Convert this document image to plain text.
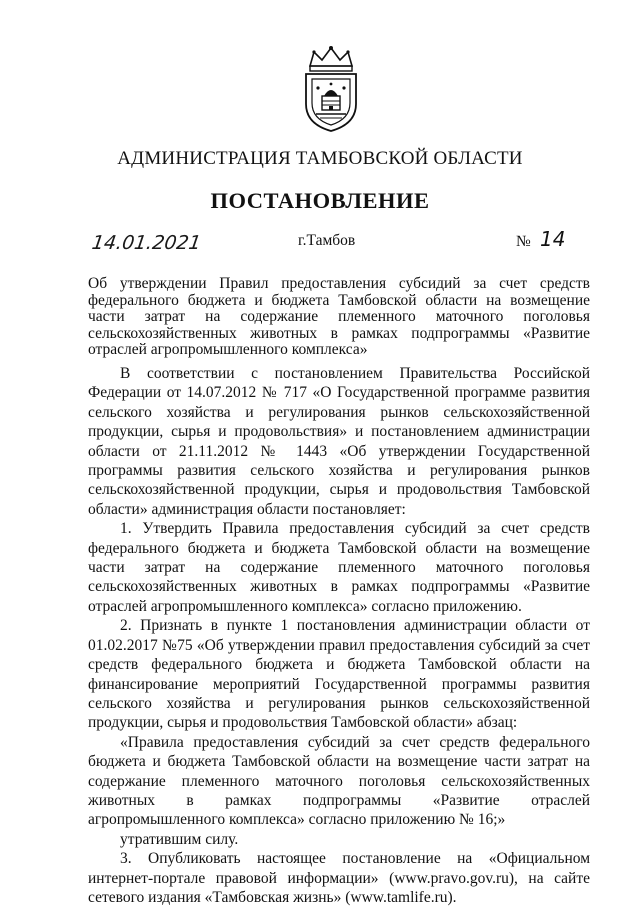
АДМИНИСТРАЦИЯ ТАМБОВСКОЙ ОБЛАСТИ
ПОСТАНОВЛЕНИЕ
14.01.2021	г.Тамбов	№ 14
Об утверждении Правил предоставления субсидий за счет средств федерального бюджета и бюджета Тамбовской области на возмещение части затрат на содержание племенного маточного поголовья сельскохозяйственных животных в рамках подпрограммы «Развитие отраслей агропромышленного комплекса»

В соответствии с постановлением Правительства Российской Федерации от 14.07.2012 № 717 «О Государственной программе развития сельского хозяйства и регулирования рынков сельскохозяйственной продукции, сырья и продовольствия» и постановлением администрации области от 21.11.2012 № 1443 «Об утверждении Государственной программы развития сельского хозяйства и регулирования рынков сельскохозяйственной продукции, сырья и продовольствия Тамбовской области» администрация области постановляет:

1. Утвердить Правила предоставления субсидий за счет средств федерального бюджета и бюджета Тамбовской области на возмещение части затрат на содержание племенного маточного поголовья сельскохозяйственных животных в рамках подпрограммы «Развитие отраслей агропромышленного комплекса» согласно приложению.

2. Признать в пункте 1 постановления администрации области от 01.02.2017 №75 «Об утверждении правил предоставления субсидий за счет средств федерального бюджета и бюджета Тамбовской области на финансирование мероприятий Государственной программы развития сельского хозяйства и регулирования рынков сельскохозяйственной продукции, сырья и продовольствия Тамбовской области» абзац:

«Правила предоставления субсидий за счет средств федерального бюджета и бюджета Тамбовской области на возмещение части затрат на содержание племенного маточного поголовья сельскохозяйственных животных в рамках подпрограммы «Развитие отраслей агропромышленного комплекса» согласно приложению № 16;»

утратившим силу.

3. Опубликовать настоящее постановление на «Официальном интернет-портале правовой информации» (www.pravo.gov.ru), на сайте сетевого издания «Тамбовская жизнь» (www.tamlife.ru).
